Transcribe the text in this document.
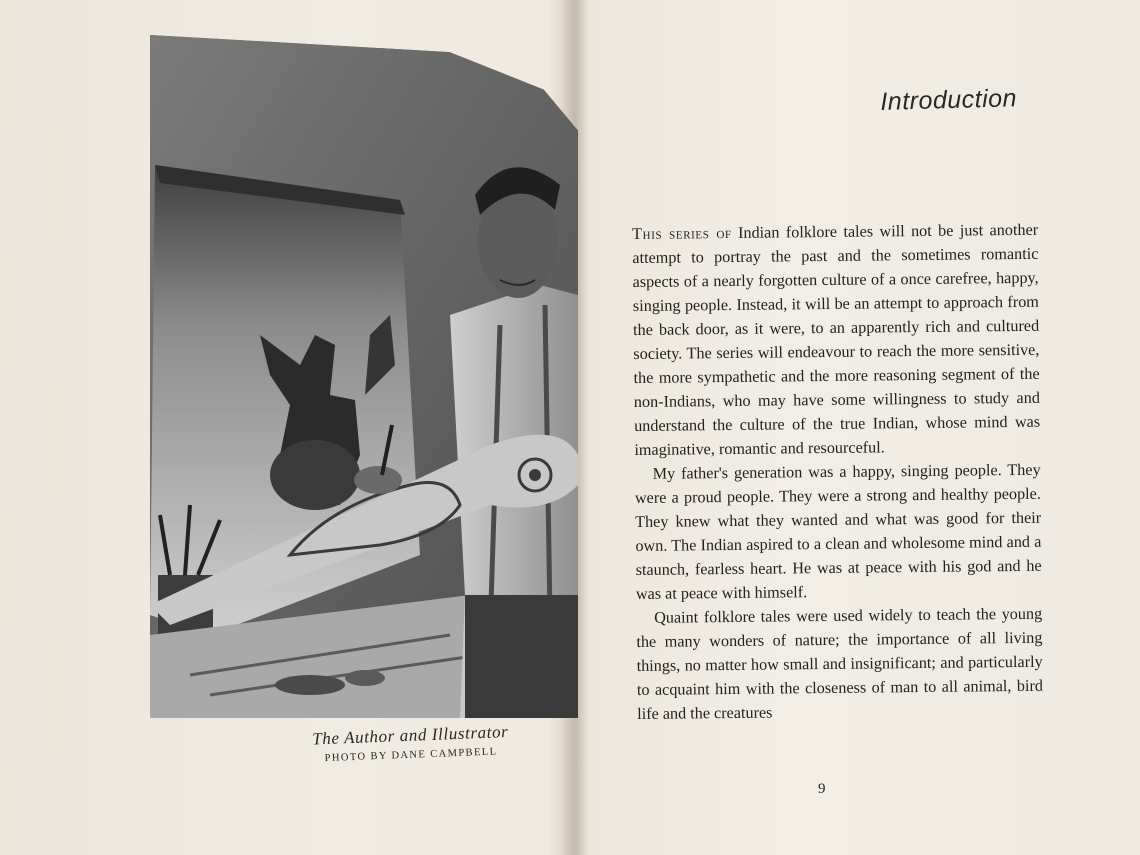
The Author and Illustrator
PHOTO BY DANE CAMPBELL
Introduction

This series of Indian folklore tales will not be just another attempt to portray the past and the sometimes romantic aspects of a nearly forgotten culture of a once carefree, happy, singing people. Instead, it will be an attempt to approach from the back door, as it were, to an apparently rich and cultured society. The series will endeavour to reach the more sensitive, the more sympathetic and the more reasoning segment of the non-Indians, who may have some willingness to study and understand the culture of the true Indian, whose mind was imaginative, romantic and resourceful.

My father's generation was a happy, singing people. They were a proud people. They were a strong and healthy people. They knew what they wanted and what was good for their own. The Indian aspired to a clean and wholesome mind and a staunch, fearless heart. He was at peace with his god and he was at peace with himself.

Quaint folklore tales were used widely to teach the young the many wonders of nature; the importance of all living things, no matter how small and insignificant; and particularly to acquaint him with the closeness of man to all animal, bird life and the creatures

9
